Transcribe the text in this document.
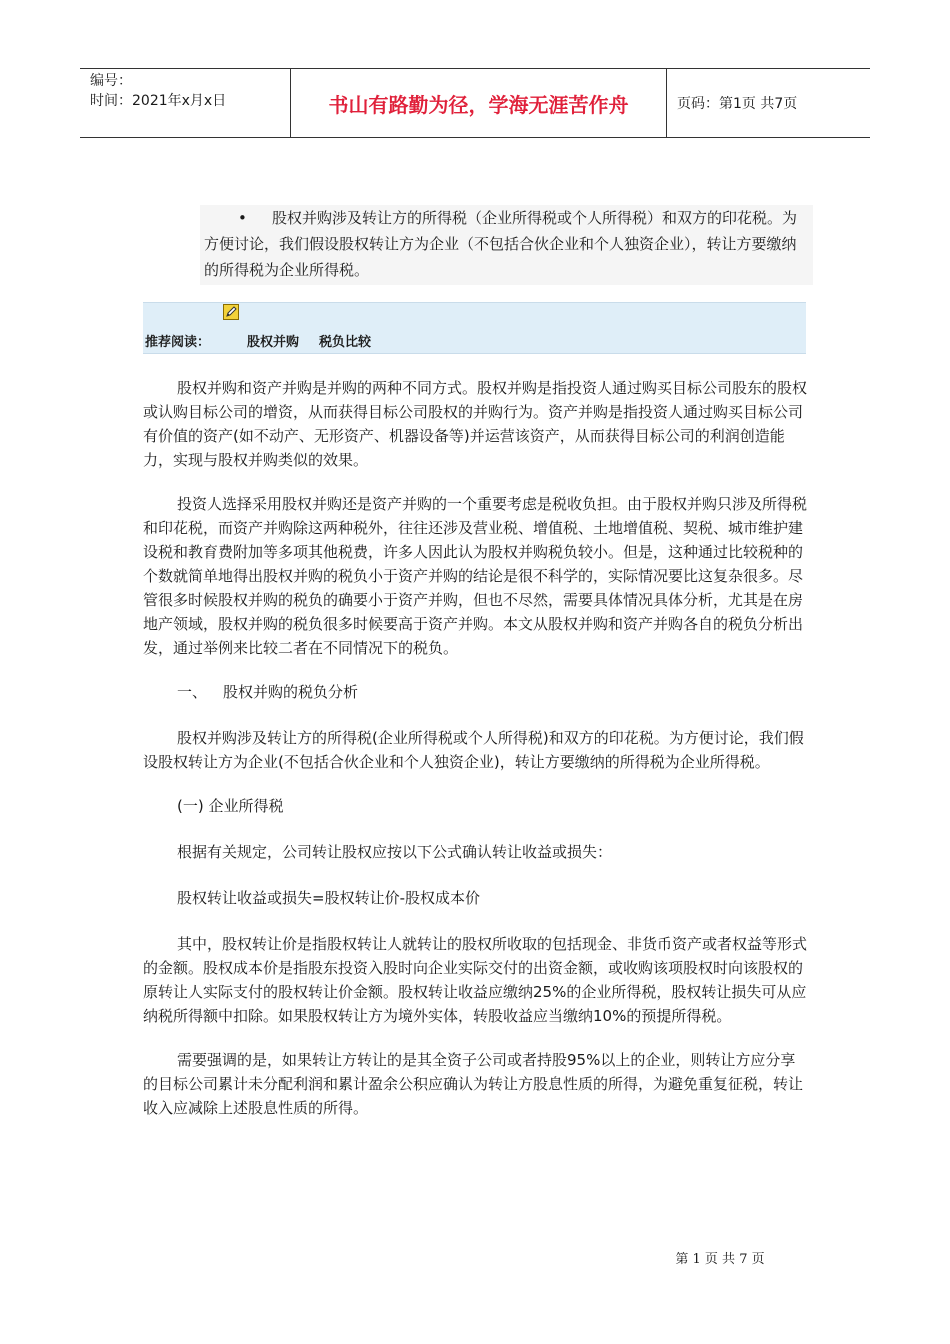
编号：
时间：2021年x月x日	书山有路勤为径，学海无涯苦作舟	页码：第1页 共7页
• 股权并购涉及转让方的所得税（企业所得税或个人所得税）和双方的印花税。为方便讨论，我们假设股权转让方为企业（不包括合伙企业和个人独资企业），转让方要缴纳的所得税为企业所得税。
推荐阅读：	股权并购 税负比较

股权并购和资产并购是并购的两种不同方式。股权并购是指投资人通过购买目标公司股东的股权或认购目标公司的增资，从而获得目标公司股权的并购行为。资产并购是指投资人通过购买目标公司有价值的资产(如不动产、无形资产、机器设备等)并运营该资产，从而获得目标公司的利润创造能力，实现与股权并购类似的效果。

投资人选择采用股权并购还是资产并购的一个重要考虑是税收负担。由于股权并购只涉及所得税和印花税，而资产并购除这两种税外，往往还涉及营业税、增值税、土地增值税、契税、城市维护建设税和教育费附加等多项其他税费，许多人因此认为股权并购税负较小。但是，这种通过比较税种的个数就简单地得出股权并购的税负小于资产并购的结论是很不科学的，实际情况要比这复杂很多。尽管很多时候股权并购的税负的确要小于资产并购，但也不尽然，需要具体情况具体分析，尤其是在房地产领域，股权并购的税负很多时候要高于资产并购。本文从股权并购和资产并购各自的税负分析出发，通过举例来比较二者在不同情况下的税负。

一、 股权并购的税负分析

股权并购涉及转让方的所得税(企业所得税或个人所得税)和双方的印花税。为方便讨论，我们假设股权转让方为企业(不包括合伙企业和个人独资企业)，转让方要缴纳的所得税为企业所得税。

(一) 企业所得税

根据有关规定，公司转让股权应按以下公式确认转让收益或损失：

股权转让收益或损失=股权转让价-股权成本价

其中，股权转让价是指股权转让人就转让的股权所收取的包括现金、非货币资产或者权益等形式的金额。股权成本价是指股东投资入股时向企业实际交付的出资金额，或收购该项股权时向该股权的原转让人实际支付的股权转让价金额。股权转让收益应缴纳25%的企业所得税，股权转让损失可从应纳税所得额中扣除。如果股权转让方为境外实体，转股收益应当缴纳10%的预提所得税。

需要强调的是，如果转让方转让的是其全资子公司或者持股95%以上的企业，则转让方应分享的目标公司累计未分配利润和累计盈余公积应确认为转让方股息性质的所得，为避免重复征税，转让收入应减除上述股息性质的所得。

第 1 页 共 7 页
